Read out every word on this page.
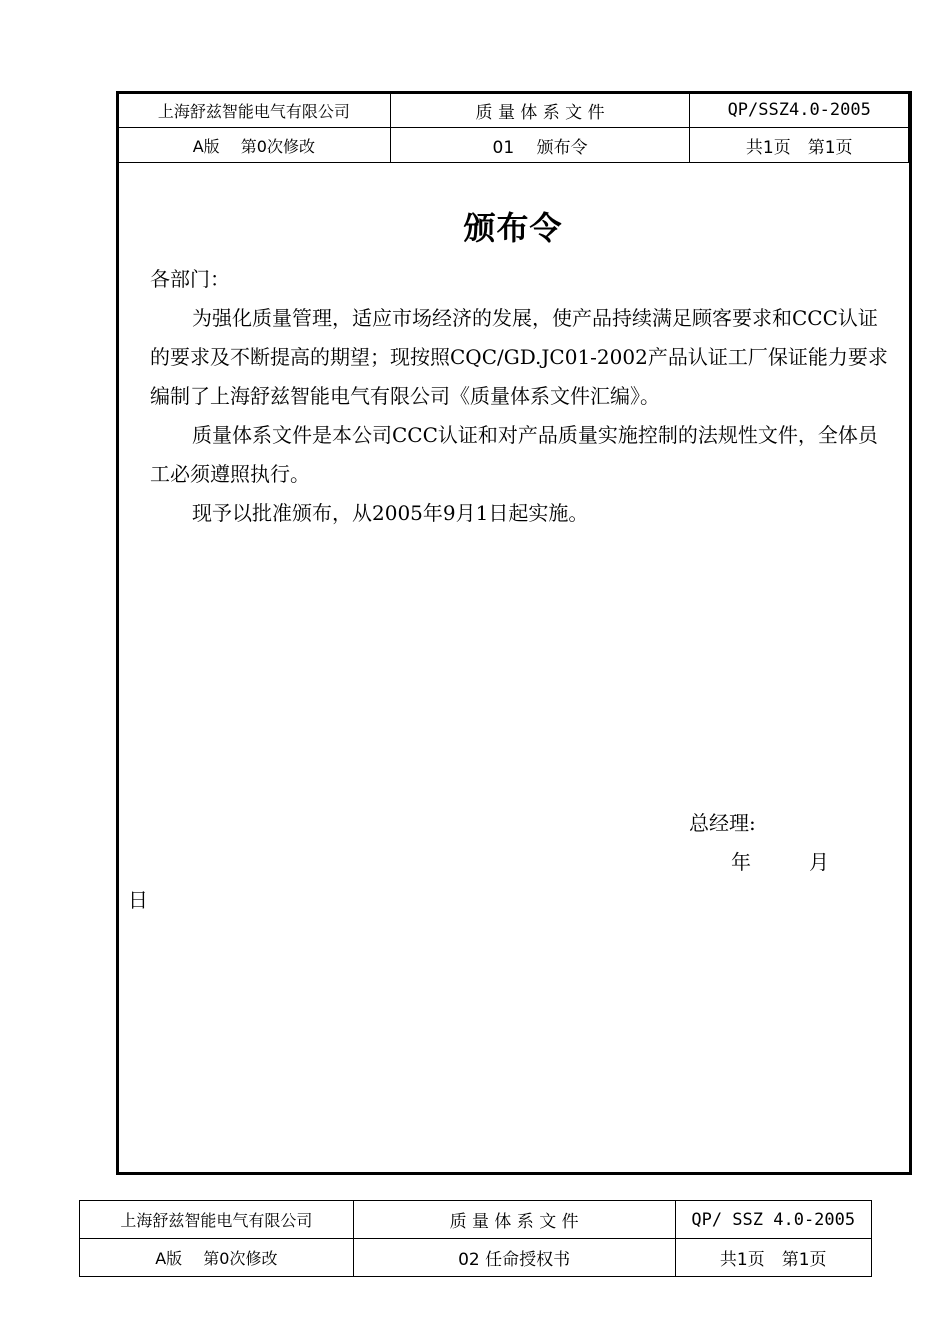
上海舒兹智能电气有限公司	质 量 体 系 文 件	QP/SSZ4.0-2005
A版　 第0次修改	01　 颁布令	共1页　第1页
颁布令

各部门：

为强化质量管理，适应市场经济的发展，使产品持续满足顾客要求和CCC认证的要求及不断提高的期望；现按照CQC/GD.JC01-2002产品认证工厂保证能力要求编制了上海舒兹智能电气有限公司《质量体系文件汇编》。

质量体系文件是本公司CCC认证和对产品质量实施控制的法规性文件，全体员工必须遵照执行。

现予以批准颁布，从2005年9月1日起实施。

总经理:
年	月
日
上海舒兹智能电气有限公司	质 量 体 系 文 件	QP/ SSZ 4.0-2005
A版　 第0次修改	02 任命授权书	共1页　第1页
